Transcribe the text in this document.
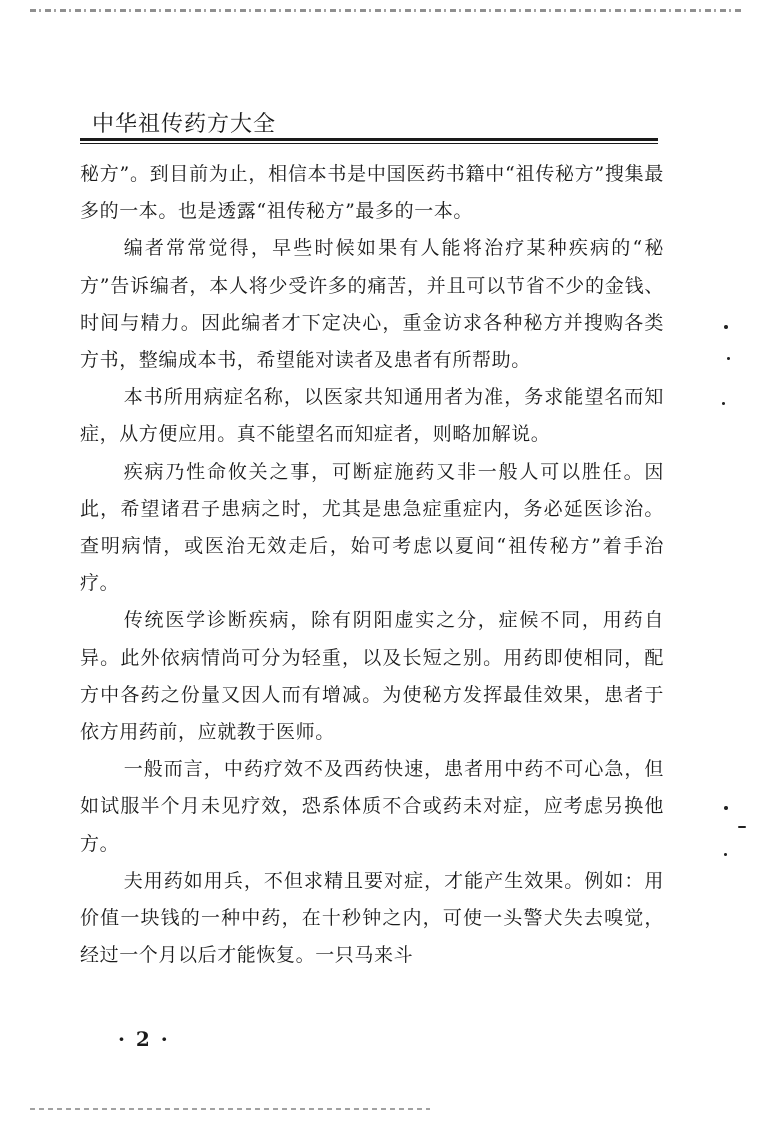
中华祖传药方大全

秘方”。到目前为止，相信本书是中国医药书籍中“祖传秘方”搜集最多的一本。也是透露“祖传秘方”最多的一本。

编者常常觉得，早些时候如果有人能将治疗某种疾病的“秘方”告诉编者，本人将少受许多的痛苦，并且可以节省不少的金钱、时间与精力。因此编者才下定决心，重金访求各种秘方并搜购各类方书，整编成本书，希望能对读者及患者有所帮助。

本书所用病症名称，以医家共知通用者为准，务求能望名而知症，从方便应用。真不能望名而知症者，则略加解说。

疾病乃性命攸关之事，可断症施药又非一般人可以胜任。因此，希望诸君子患病之时，尤其是患急症重症内，务必延医诊治。查明病情，或医治无效走后，始可考虑以夏间“祖传秘方”着手治疗。

传统医学诊断疾病，除有阴阳虚实之分，症候不同，用药自异。此外依病情尚可分为轻重，以及长短之别。用药即使相同，配方中各药之份量又因人而有增减。为使秘方发挥最佳效果，患者于依方用药前，应就教于医师。

一般而言，中药疗效不及西药快速，患者用中药不可心急，但如试服半个月未见疗效，恐系体质不合或药未对症，应考虑另换他方。

夫用药如用兵，不但求精且要对症，才能产生效果。例如：用价值一块钱的一种中药，在十秒钟之内，可使一头警犬失去嗅觉，经过一个月以后才能恢复。一只马来斗

· 2 ·
